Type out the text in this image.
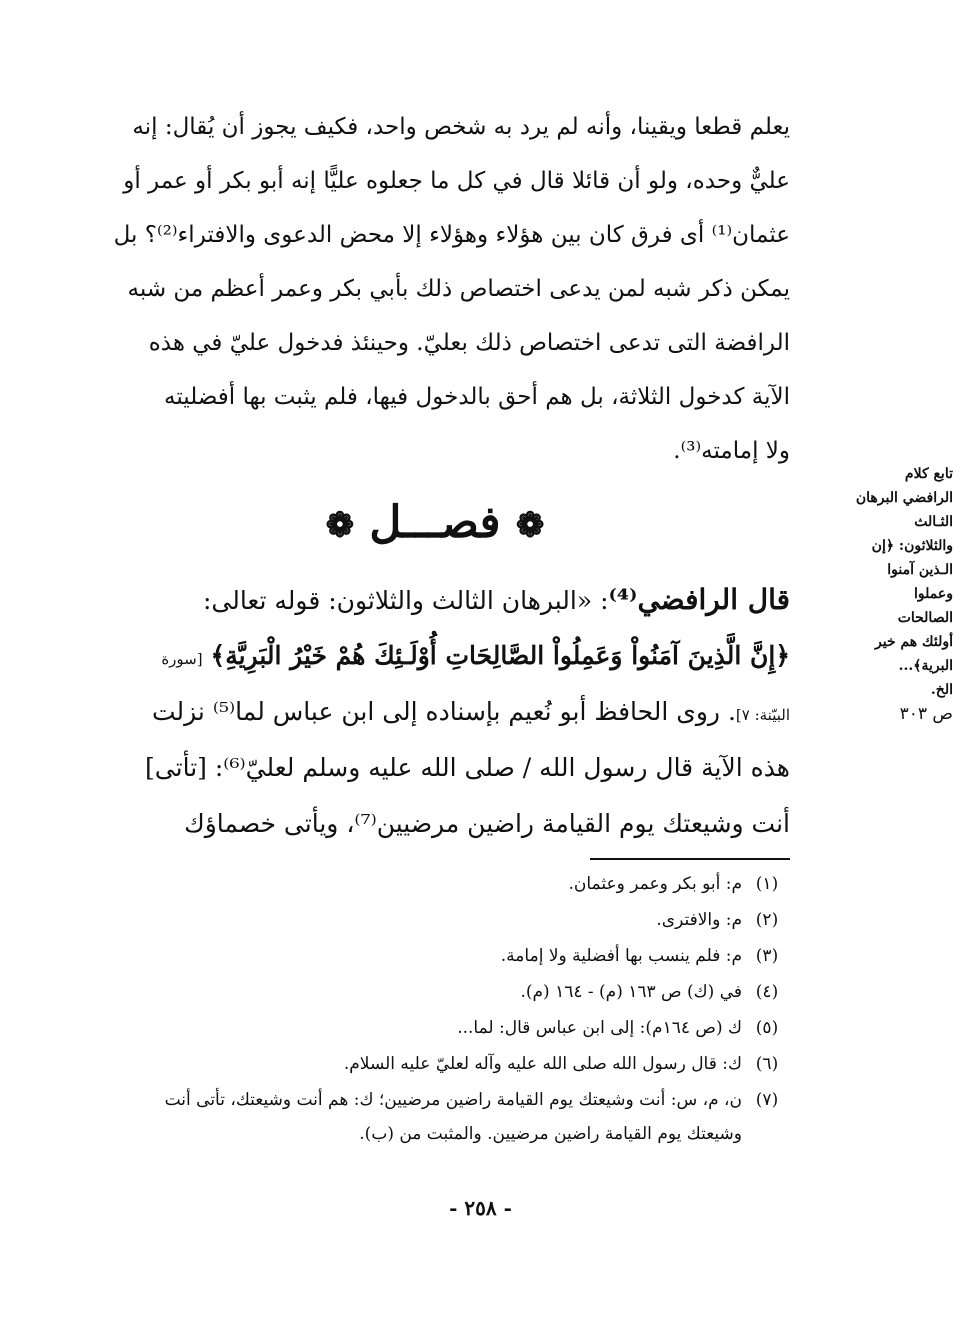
يعلم قطعا ويقينا، وأنه لم يرد به شخص واحد، فكيف يجوز أن يُقال: إنه
عليٌّ وحده، ولو أن قائلا قال في كل ما جعلوه عليًّا إنه أبو بكر أو عمر أو
عثمان⁽¹⁾ أى فرق كان بين هؤلاء وهؤلاء إلا محض الدعوى والافتراء⁽²⁾؟ بل
يمكن ذكر شبه لمن يدعى اختصاص ذلك بأبي بكر وعمر أعظم من شبه
الرافضة التى تدعى اختصاص ذلك بعليّ. وحينئذ فدخول عليّ في هذه
الآية كدخول الثلاثة، بل هم أحق بالدخول فيها، فلم يثبت بها أفضليته
ولا إمامته⁽³⁾.
تابع كلام
الرافضي البرهان
الثـالث
والثلاثون: ﴿إن
الـذين آمنوا
وعملوا
الصالحات
أولئك هم خير
البرية﴾...
الخ.
ص ٣٠٣
❁ فصـــل ❁
قال الرافضي⁽⁴⁾: «البرهان الثالث والثلاثون: قوله تعالى:
﴿إِنَّ الَّذِينَ آمَنُواْ وَعَمِلُواْ الصَّالِحَاتِ أُوْلَـئِكَ هُمْ خَيْرُ الْبَرِيَّةِ﴾ [سورة
البيّنة: ٧]. روى الحافظ أبو نُعيم بإسناده إلى ابن عباس لما⁽⁵⁾ نزلت
هذه الآية قال رسول الله / صلى الله عليه وسلم لعليّ⁽⁶⁾: [تأتى]
أنت وشيعتك يوم القيامة راضين مرضيين⁽⁷⁾، ويأتى خصماؤك
(١)
م: أبو بكر وعمر وعثمان.
(٢)
م: والافترى.
(٣)
م: فلم ينسب بها أفضلية ولا إمامة.
(٤)
في (ك) ص ١٦٣ (م) - ١٦٤ (م).
(٥)
ك (ص ١٦٤م): إلى ابن عباس قال: لما...
(٦)
ك: قال رسول الله صلى الله عليه وآله لعليّ عليه السلام.
(٧)
ن، م، س: أنت وشيعتك يوم القيامة راضين مرضيين؛ ك: هم أنت وشيعتك، تأتى أنت
وشيعتك يوم القيامة راضين مرضيين. والمثبت من (ب).
- ٢٥٨ -
